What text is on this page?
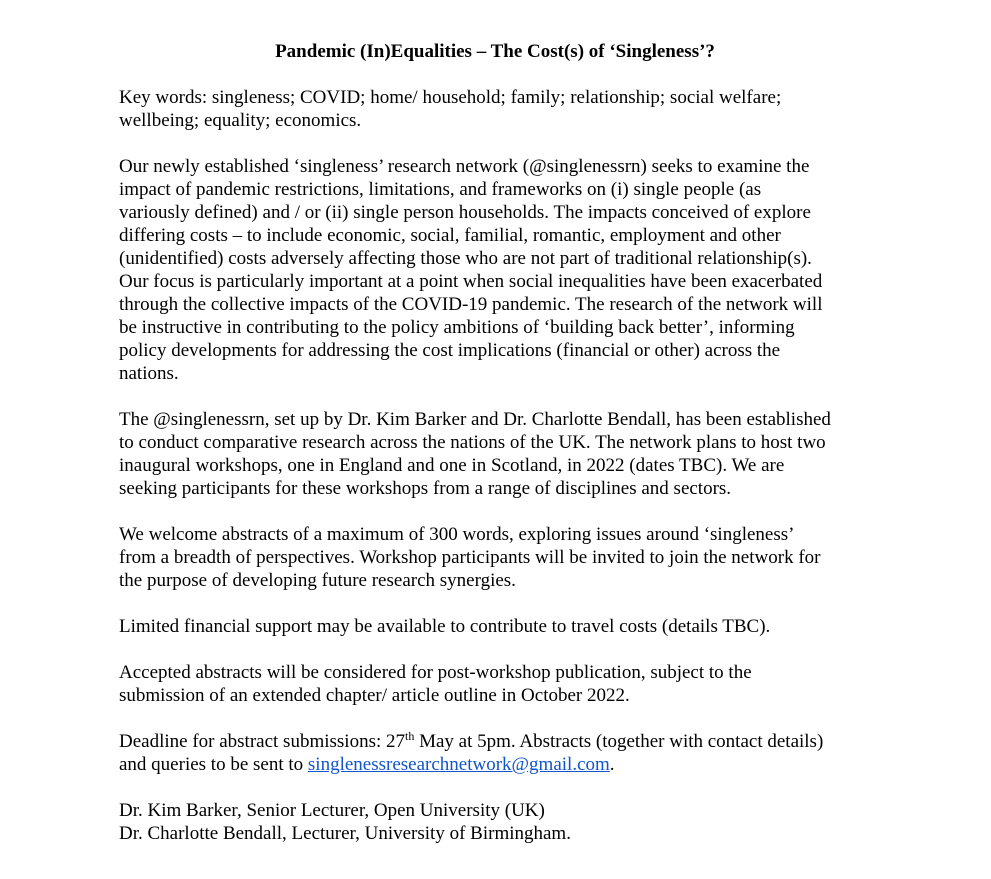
Pandemic (In)Equalities – The Cost(s) of ‘Singleness’?
Key words: singleness; COVID; home/ household; family; relationship; social welfare;
wellbeing; equality; economics.
Our newly established ‘singleness’ research network (@singlenessrn) seeks to examine the
impact of pandemic restrictions, limitations, and frameworks on (i) single people (as
variously defined) and / or (ii) single person households. The impacts conceived of explore
differing costs – to include economic, social, familial, romantic, employment and other
(unidentified) costs adversely affecting those who are not part of traditional relationship(s).
Our focus is particularly important at a point when social inequalities have been exacerbated
through the collective impacts of the COVID-19 pandemic. The research of the network will
be instructive in contributing to the policy ambitions of ‘building back better’, informing
policy developments for addressing the cost implications (financial or other) across the
nations.
The @singlenessrn, set up by Dr. Kim Barker and Dr. Charlotte Bendall, has been established
to conduct comparative research across the nations of the UK. The network plans to host two
inaugural workshops, one in England and one in Scotland, in 2022 (dates TBC). We are
seeking participants for these workshops from a range of disciplines and sectors.
We welcome abstracts of a maximum of 300 words, exploring issues around ‘singleness’
from a breadth of perspectives. Workshop participants will be invited to join the network for
the purpose of developing future research synergies.
Limited financial support may be available to contribute to travel costs (details TBC).
Accepted abstracts will be considered for post-workshop publication, subject to the
submission of an extended chapter/ article outline in October 2022.
Deadline for abstract submissions: 27th May at 5pm. Abstracts (together with contact details)
and queries to be sent to singlenessresearchnetwork@gmail.com.
Dr. Kim Barker, Senior Lecturer, Open University (UK)
Dr. Charlotte Bendall, Lecturer, University of Birmingham.
